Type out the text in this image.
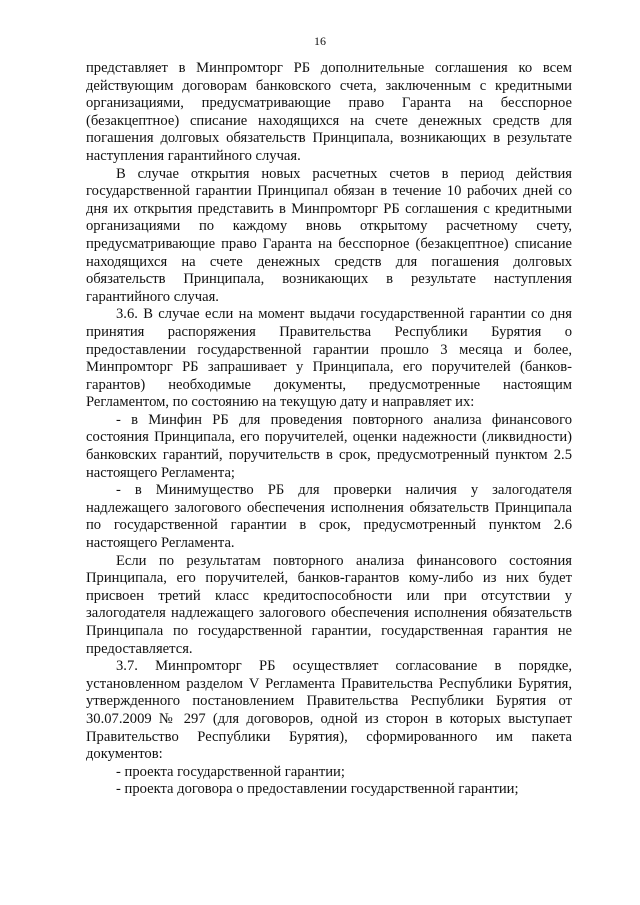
16

представляет в Минпромторг РБ дополнительные соглашения ко всем действующим договорам банковского счета, заключенным с кредитными организациями, предусматривающие право Гаранта на бесспорное (безакцептное) списание находящихся на счете денежных средств для погашения долговых обязательств Принципала, возникающих в результате наступления гарантийного случая.

В случае открытия новых расчетных счетов в период действия государственной гарантии Принципал обязан в течение 10 рабочих дней со дня их открытия представить в Минпромторг РБ соглашения с кредитными организациями по каждому вновь открытому расчетному счету, предусматривающие право Гаранта на бесспорное (безакцептное) списание находящихся на счете денежных средств для погашения долговых обязательств Принципала, возникающих в результате наступления гарантийного случая.

3.6. В случае если на момент выдачи государственной гарантии со дня принятия распоряжения Правительства Республики Бурятия о предоставлении государственной гарантии прошло 3 месяца и более, Минпромторг РБ запрашивает у Принципала, его поручителей (банков-гарантов) необходимые документы, предусмотренные настоящим Регламентом, по состоянию на текущую дату и направляет их:

- в Минфин РБ для проведения повторного анализа финансового состояния Принципала, его поручителей, оценки надежности (ликвидности) банковских гарантий, поручительств в срок, предусмотренный пунктом 2.5 настоящего Регламента;

- в Минимущество РБ для проверки наличия у залогодателя надлежащего залогового обеспечения исполнения обязательств Принципала по государственной гарантии в срок, предусмотренный пунктом 2.6 настоящего Регламента.

Если по результатам повторного анализа финансового состояния Принципала, его поручителей, банков-гарантов кому-либо из них будет присвоен третий класс кредитоспособности или при отсутствии у залогодателя надлежащего залогового обеспечения исполнения обязательств Принципала по государственной гарантии, государственная гарантия не предоставляется.

3.7. Минпромторг РБ осуществляет согласование в порядке, установленном разделом V Регламента Правительства Республики Бурятия, утвержденного постановлением Правительства Республики Бурятия от 30.07.2009 № 297 (для договоров, одной из сторон в которых выступает Правительство Республики Бурятия), сформированного им пакета документов:

- проекта государственной гарантии;

- проекта договора о предоставлении государственной гарантии;
